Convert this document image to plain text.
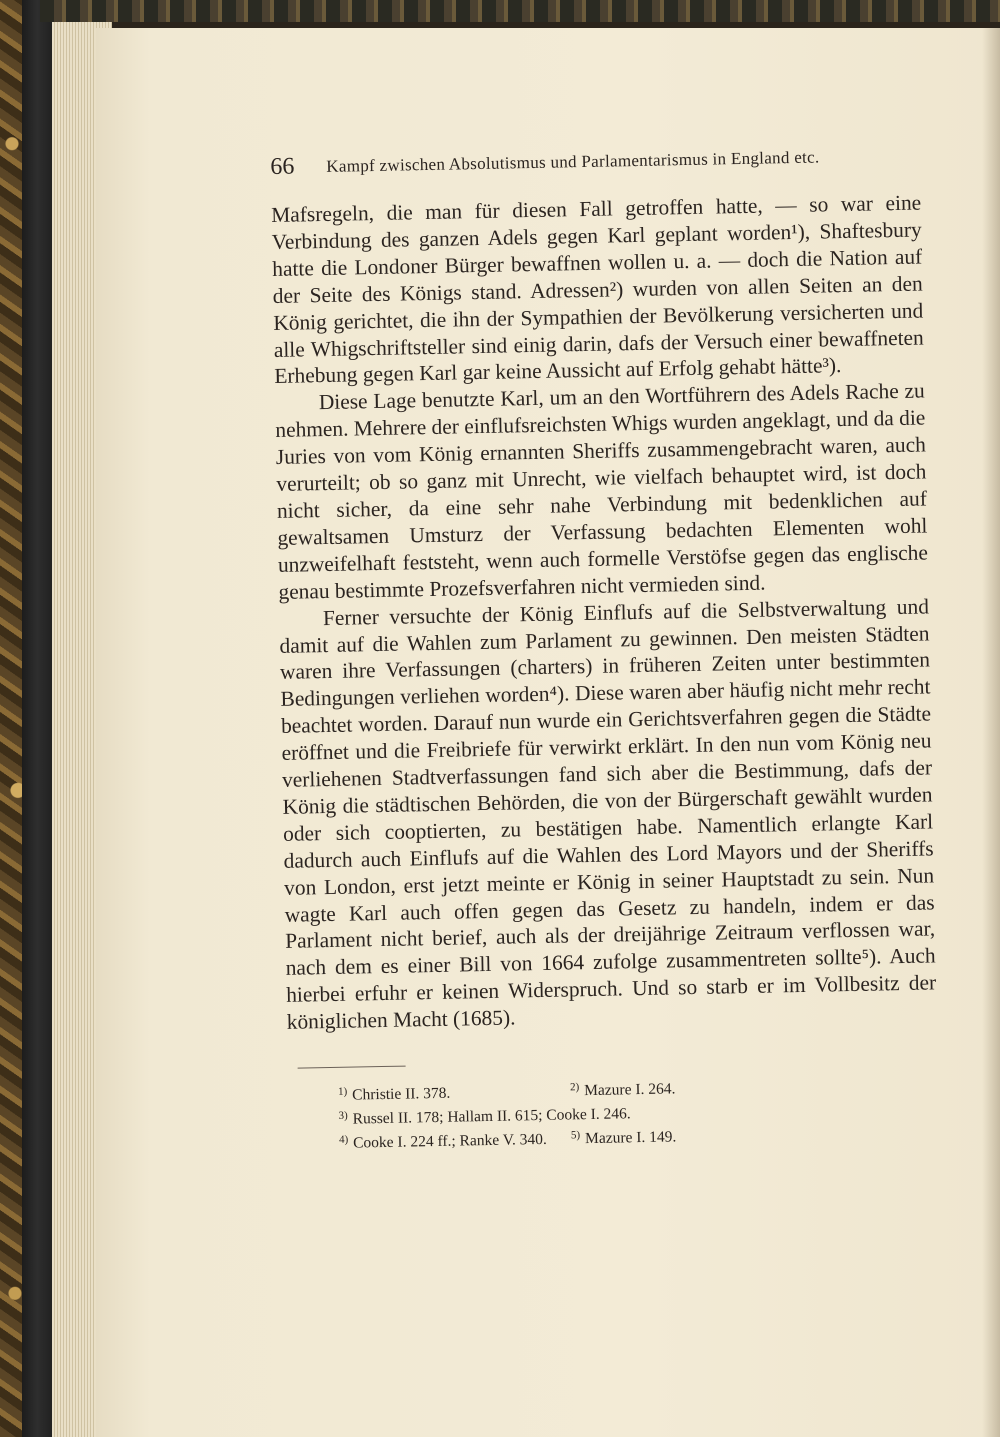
66 Kampf zwischen Absolutismus und Parlamentarismus in England etc.

Mafsregeln, die man für diesen Fall getroffen hatte, — so war eine Verbindung des ganzen Adels gegen Karl geplant worden¹), Shaftesbury hatte die Londoner Bürger bewaffnen wollen u. a. — doch die Nation auf der Seite des Königs stand. Adressen²) wurden von allen Seiten an den König gerichtet, die ihn der Sympathien der Bevölkerung versicherten und alle Whigschriftsteller sind einig darin, dafs der Versuch einer bewaffneten Erhebung gegen Karl gar keine Aussicht auf Erfolg gehabt hätte³).

Diese Lage benutzte Karl, um an den Wortführern des Adels Rache zu nehmen. Mehrere der einflufsreichsten Whigs wurden angeklagt, und da die Juries von vom König ernannten Sheriffs zusammengebracht waren, auch verurteilt; ob so ganz mit Unrecht, wie vielfach behauptet wird, ist doch nicht sicher, da eine sehr nahe Verbindung mit bedenklichen auf gewaltsamen Umsturz der Verfassung bedachten Elementen wohl unzweifelhaft feststeht, wenn auch formelle Verstöfse gegen das englische genau bestimmte Prozefsverfahren nicht vermieden sind.

Ferner versuchte der König Einflufs auf die Selbstverwaltung und damit auf die Wahlen zum Parlament zu gewinnen. Den meisten Städten waren ihre Verfassungen (charters) in früheren Zeiten unter bestimmten Bedingungen verliehen worden⁴). Diese waren aber häufig nicht mehr recht beachtet worden. Darauf nun wurde ein Gerichtsverfahren gegen die Städte eröffnet und die Freibriefe für verwirkt erklärt. In den nun vom König neu verliehenen Stadtverfassungen fand sich aber die Bestimmung, dafs der König die städtischen Behörden, die von der Bürgerschaft gewählt wurden oder sich cooptierten, zu bestätigen habe. Namentlich erlangte Karl dadurch auch Einflufs auf die Wahlen des Lord Mayors und der Sheriffs von London, erst jetzt meinte er König in seiner Hauptstadt zu sein. Nun wagte Karl auch offen gegen das Gesetz zu handeln, indem er das Parlament nicht berief, auch als der dreijährige Zeitraum verflossen war, nach dem es einer Bill von 1664 zufolge zusammentreten sollte⁵). Auch hierbei erfuhr er keinen Widerspruch. Und so starb er im Vollbesitz der königlichen Macht (1685).

$^{1)}$ Christie II. 378.	$^{2)}$ Mazure I. 264.
$^{3)}$ Russel II. 178; Hallam II. 615; Cooke I. 246.
$^{4)}$ Cooke I. 224 ff.; Ranke V. 340.	$^{5)}$ Mazure I. 149.
